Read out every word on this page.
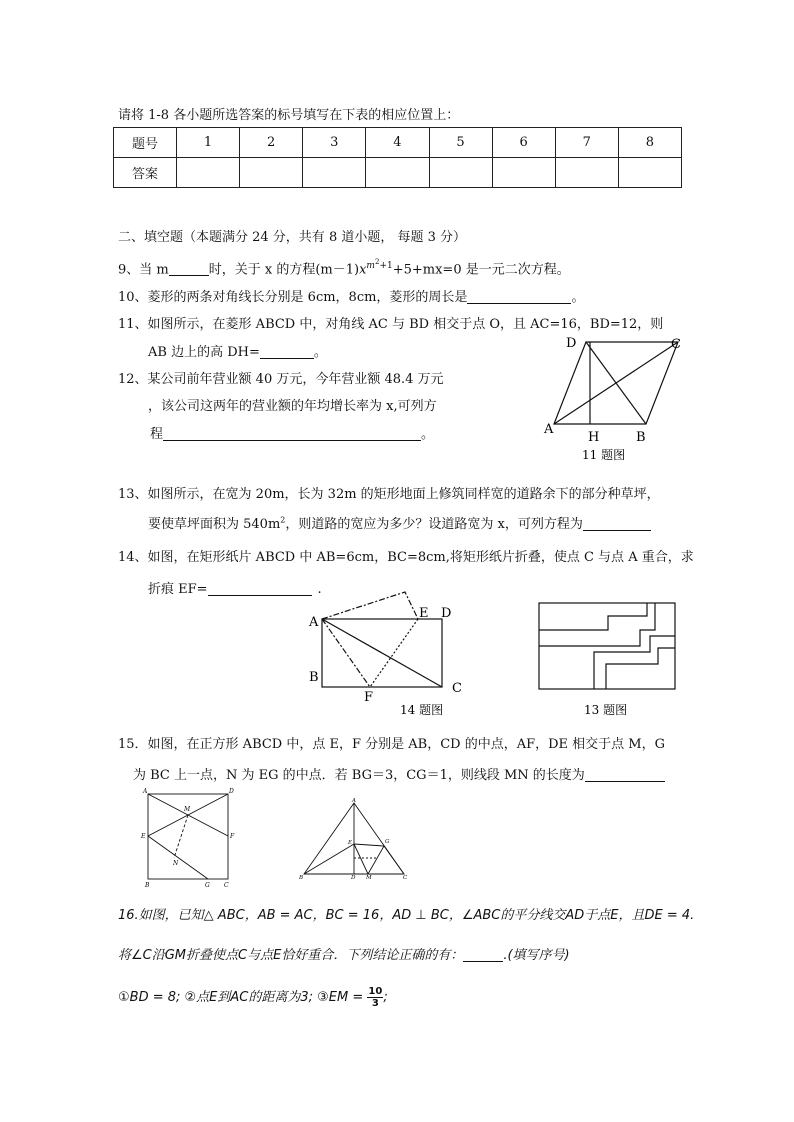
请将 1-8 各小题所选答案的标号填写在下表的相应位置上：
题号	1	2	3	4	5	6	7	8
答案								
二、填空题（本题满分 24 分，共有 8 道小题， 每题 3 分）
9、当 m	时，关于 x 的方程$(m-1)x^{m^2+1}+5+mx=0$ 是一元二次方程。
10、菱形的两条对角线长分别是 6cm，8cm，菱形的周长是	。
11、如图所示，在菱形 ABCD 中，对角线 AC 与 BD 相交于点 O，且 AC=16，BD=12，则
AB 边上的高 DH=	。
12、某公司前年营业额 40 万元，今年营业额 48.4 万元
，该公司这两年的营业额的年均增长率为 x,可列方
程	。
D	C
A
H	B
11 题图
13、如图所示，在宽为 20m，长为 32m 的矩形地面上修筑同样宽的道路余下的部分种草坪，
要使草坪面积为 $540m^2$，则道路的宽应为多少？设道路宽为 x，可列方程为
14、如图，在矩形纸片 ABCD 中 AB=6cm，BC=8cm,将矩形纸片折叠，使点 C 与点 A 重合，求
折痕 EF=	.
A
E D
B
F
C
14 题图	13 题图
15．如图，在正方形 ABCD 中，点 E，F 分别是 AB，CD 的中点，AF，DE 相交于点 M，G
为 BC 上一点，N 为 EG 的中点．若 BG＝3，CG＝1，则线段 MN 的长度为
A	D
M
E	F
N
B	G C
A
E	G
B	D M	C
16.如图，已知△ ABC，AB = AC，BC = 16，AD ⊥ BC，∠ABC的平分线交AD于点E，且DE = 4.
将∠C沿GM折叠使点C与点E恰好重合．下列结论正确的有：	.(填写序号)
①BD = 8; ②点E到AC的距离为3; ③EM = $\frac{10}{3}$ ;
